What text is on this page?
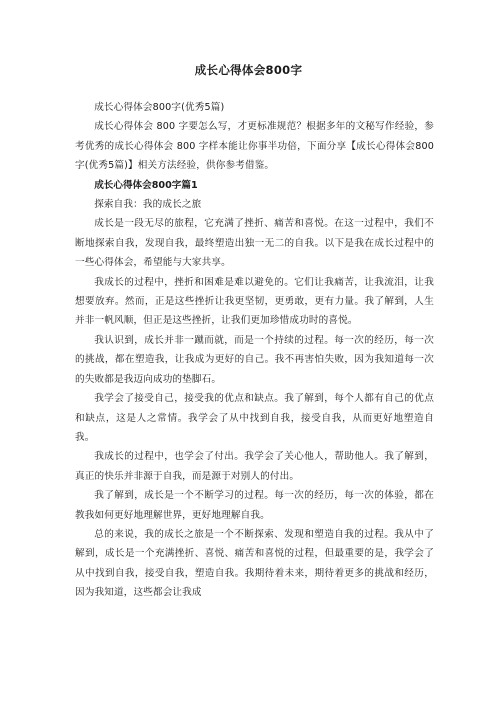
成长心得体会800字

成长心得体会800字(优秀5篇)

成长心得体会 800 字要怎么写，才更标准规范？根据多年的文秘写作经验，参考优秀的成长心得体会 800 字样本能让你事半功倍，下面分享【成长心得体会800字(优秀5篇)】相关方法经验，供你参考借鉴。

成长心得体会800字篇1

探索自我：我的成长之旅

成长是一段无尽的旅程，它充满了挫折、痛苦和喜悦。在这一过程中，我们不断地探索自我，发现自我，最终塑造出独一无二的自我。以下是我在成长过程中的一些心得体会，希望能与大家共享。

我成长的过程中，挫折和困难是难以避免的。它们让我痛苦，让我流泪，让我想要放弃。然而，正是这些挫折让我更坚韧，更勇敢，更有力量。我了解到，人生并非一帆风顺，但正是这些挫折，让我们更加珍惜成功时的喜悦。

我认识到，成长并非一蹴而就，而是一个持续的过程。每一次的经历，每一次的挑战，都在塑造我，让我成为更好的自己。我不再害怕失败，因为我知道每一次的失败都是我迈向成功的垫脚石。

我学会了接受自己，接受我的优点和缺点。我了解到，每个人都有自己的优点和缺点，这是人之常情。我学会了从中找到自我，接受自我，从而更好地塑造自我。

我成长的过程中，也学会了付出。我学会了关心他人，帮助他人。我了解到，真正的快乐并非源于自我，而是源于对别人的付出。

我了解到，成长是一个不断学习的过程。每一次的经历，每一次的体验，都在教我如何更好地理解世界，更好地理解自我。

总的来说，我的成长之旅是一个不断探索、发现和塑造自我的过程。我从中了解到，成长是一个充满挫折、喜悦、痛苦和喜悦的过程，但最重要的是，我学会了从中找到自我，接受自我，塑造自我。我期待着未来，期待着更多的挑战和经历，因为我知道，这些都会让我成
